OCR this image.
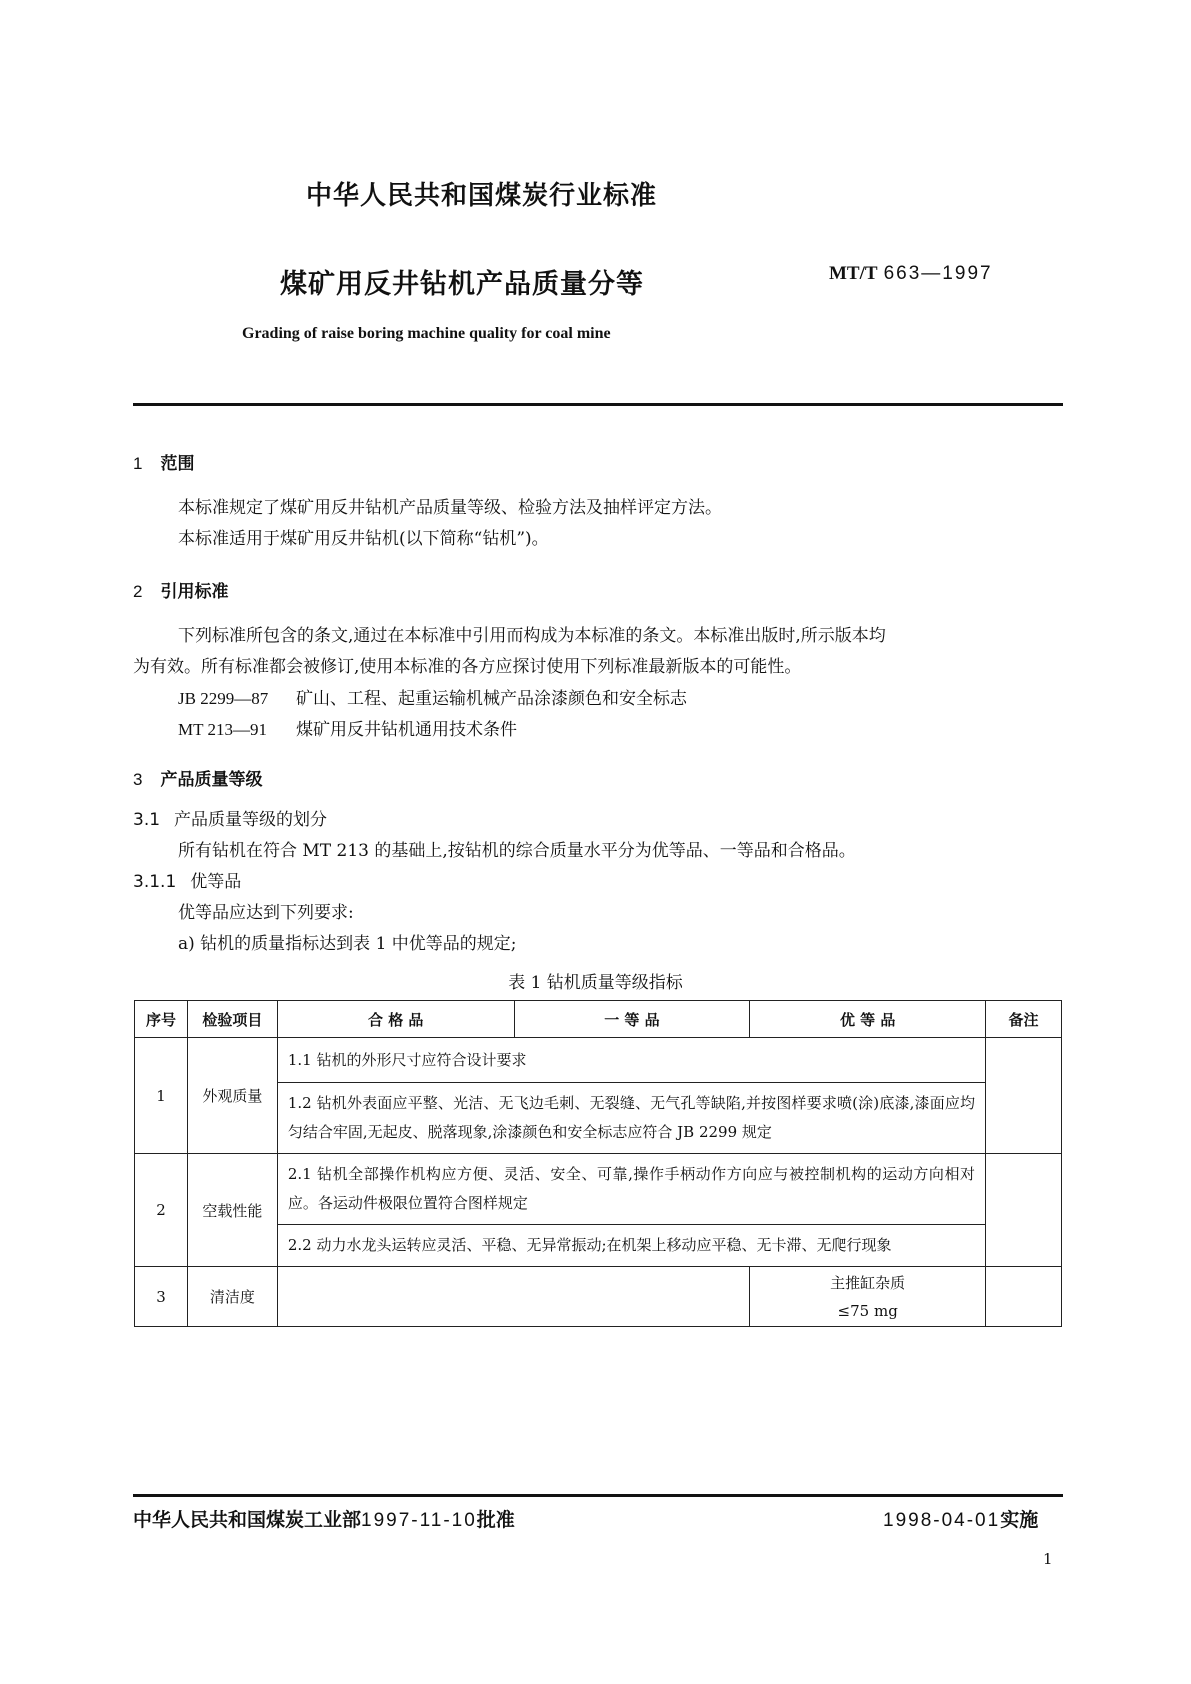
中华人民共和国煤炭行业标准
煤矿用反井钻机产品质量分等	MT/T 663—1997
Grading of raise boring machine quality for coal mine
1 范围
本标准规定了煤矿用反井钻机产品质量等级、检验方法及抽样评定方法。
本标准适用于煤矿用反井钻机(以下简称“钻机”)。
2 引用标准
下列标准所包含的条文,通过在本标准中引用而构成为本标准的条文。本标准出版时,所示版本均
为有效。所有标准都会被修订,使用本标准的各方应探讨使用下列标准最新版本的可能性。
JB 2299—87 矿山、工程、起重运输机械产品涂漆颜色和安全标志
MT 213—91 煤矿用反井钻机通用技术条件
3 产品质量等级
3.1 产品质量等级的划分
所有钻机在符合 MT 213 的基础上,按钻机的综合质量水平分为优等品、一等品和合格品。
3.1.1 优等品
优等品应达到下列要求:
a) 钻机的质量指标达到表 1 中优等品的规定;
表 1 钻机质量等级指标
序号	检验项目	合 格 品	一 等 品	优 等 品	备注
1	外观质量	1.1 钻机的外形尺寸应符合设计要求			
		1.2 钻机外表面应平整、光洁、无飞边毛刺、无裂缝、无气孔等缺陷,并按图样要求喷(涂)底漆,漆面应均匀结合牢固,无起皮、脱落现象,涂漆颜色和安全标志应符合 JB 2299 规定			
2	空载性能	2.1 钻机全部操作机构应方便、灵活、安全、可靠,操作手柄动作方向应与被控制机构的运动方向相对应。各运动件极限位置符合图样规定			
		2.2 动力水龙头运转应灵活、平稳、无异常振动;在机架上移动应平稳、无卡滞、无爬行现象			
3	清洁度			主推缸杂质
≤75 mg	

中华人民共和国煤炭工业部1997-11-10批准	1998-04-01实施
1
